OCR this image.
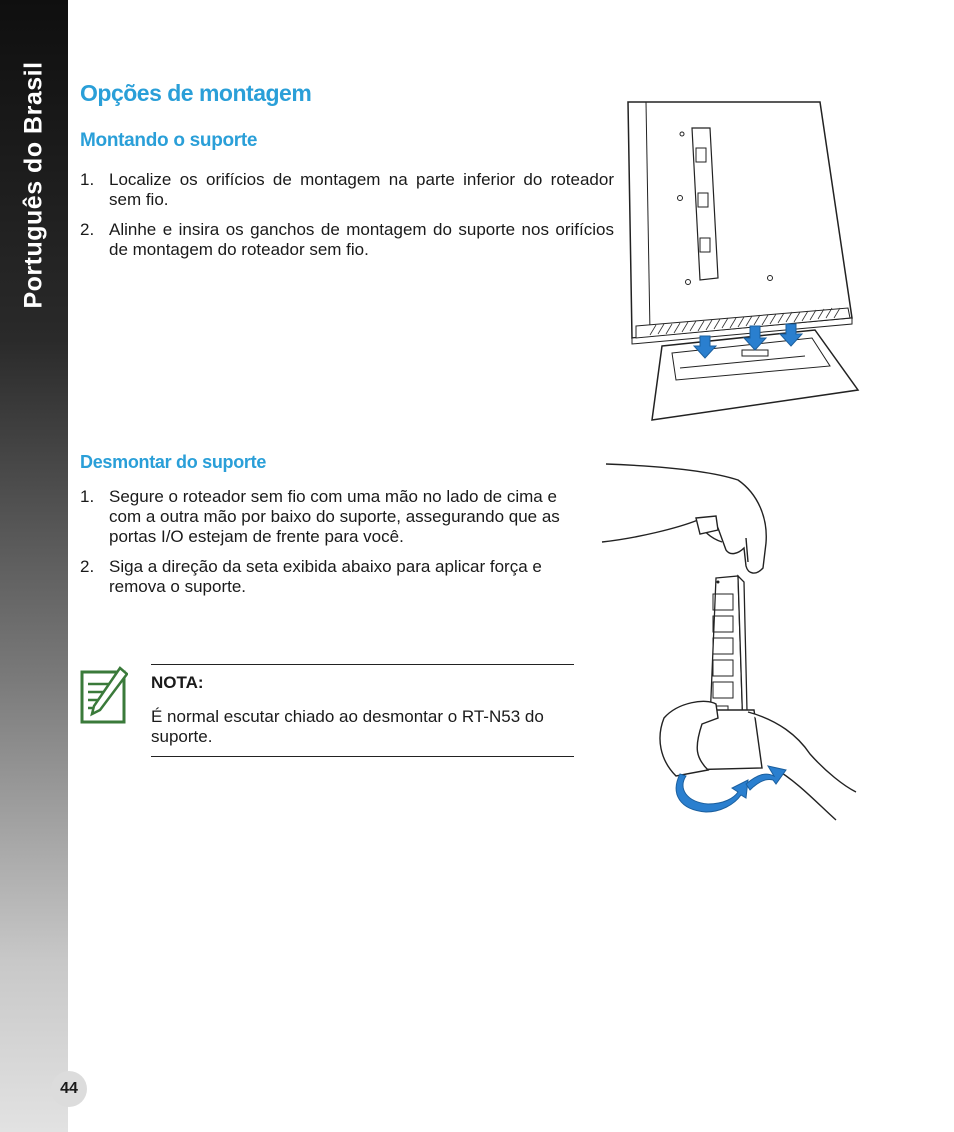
Português do Brasil
44
Opções de montagem
Montando o suporte
1. Localize os orifícios de montagem na parte inferior do roteador sem fio.
2. Alinhe e insira os ganchos de montagem do suporte nos orifícios de montagem do roteador sem fio.
Desmontar do suporte
1. Segure o roteador sem fio com uma mão no lado de cima e com a outra mão por baixo do suporte, assegurando que as portas I/O estejam de frente para você.
2. Siga a direção da seta exibida abaixo para aplicar força e remova o suporte.
NOTA:
É normal escutar chiado ao desmontar o RT-N53 do suporte.
